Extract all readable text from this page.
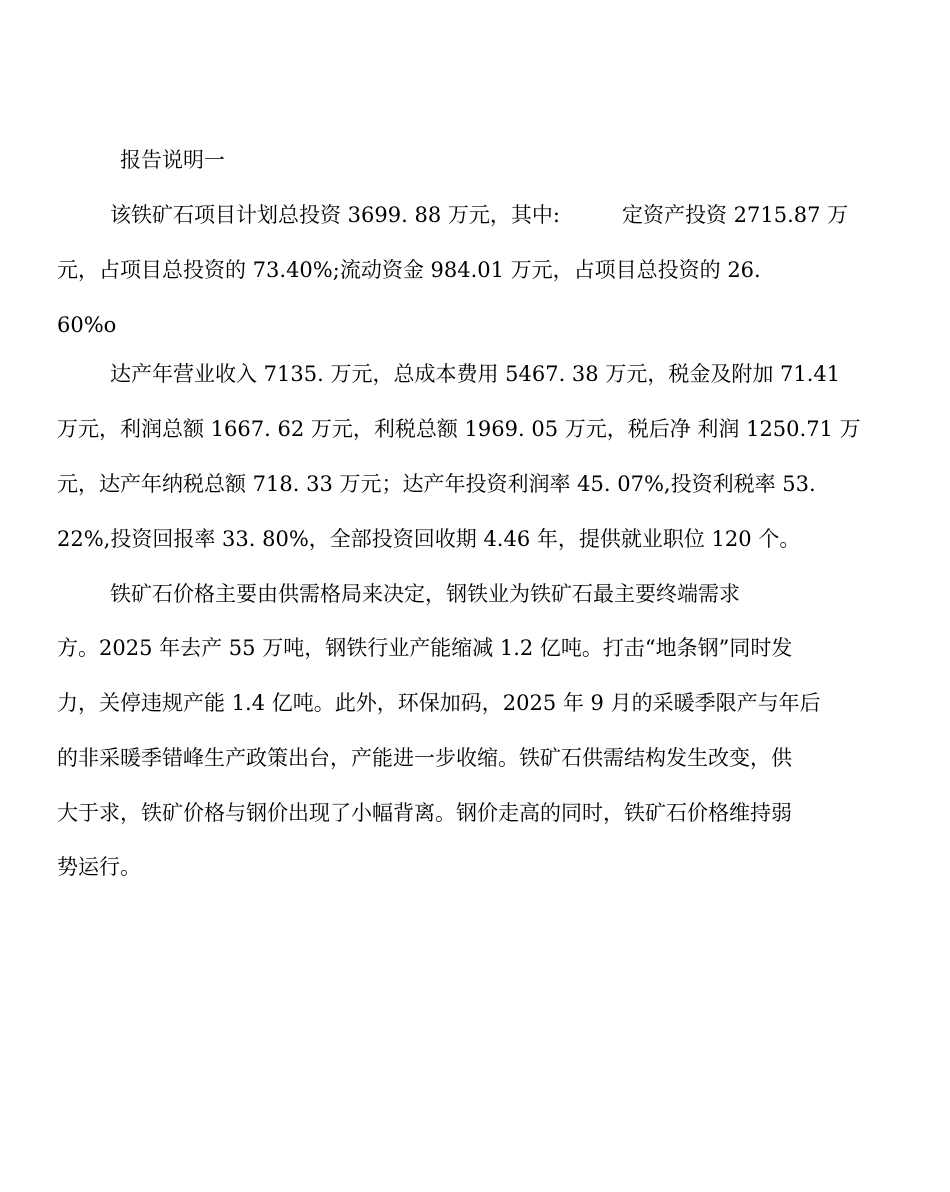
报告说明一
该铁矿石项目计划总投资 3699. 88 万元，其中:	定资产投资 2715.87 万
元，占项目总投资的 73.40%;流动资金 984.01 万元，占项目总投资的 26.
60%o
达产年营业收入 7135. 万元，总成本费用 5467. 38 万元，税金及附加 71.41
万元，利润总额 1667. 62 万元，利税总额 1969. 05 万元，税后净 利润 1250.71 万
元，达产年纳税总额 718. 33 万元；达产年投资利润率 45. 07%,投资利税率 53.
22%,投资回报率 33. 80%，全部投资回收期 4.46 年，提供就业职位 120 个。
铁矿石价格主要由供需格局来决定，钢铁业为铁矿石最主要终端需求
方。2025 年去产 55 万吨，钢铁行业产能缩减 1.2 亿吨。打击“地条钢”同时发
力，关停违规产能 1.4 亿吨。此外，环保加码，2025 年 9 月的采暖季限产与年后
的非采暖季错峰生产政策出台，产能进一步收缩。铁矿石供需结构发生改变，供
大于求，铁矿价格与钢价出现了小幅背离。钢价走高的同时，铁矿石价格维持弱
势运行。
